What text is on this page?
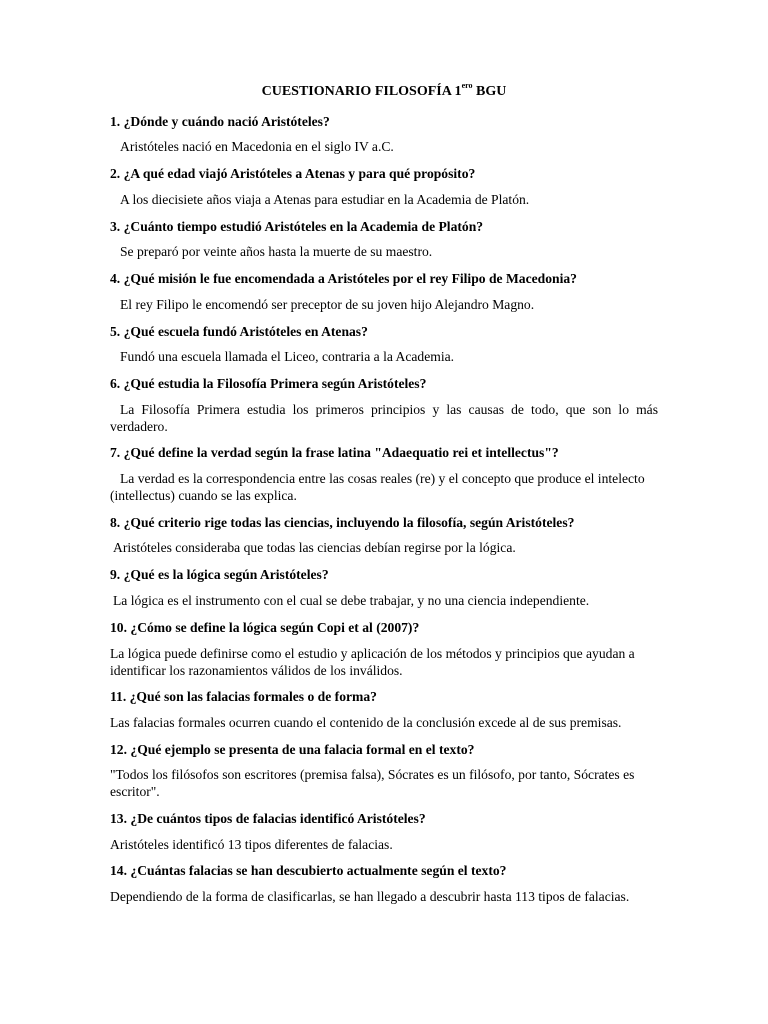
CUESTIONARIO FILOSOFÍA $1^{ero}$ BGU
1. ¿Dónde y cuándo nació Aristóteles?
Aristóteles nació en Macedonia en el siglo IV a.C.
2. ¿A qué edad viajó Aristóteles a Atenas y para qué propósito?
A los diecisiete años viaja a Atenas para estudiar en la Academia de Platón.
3. ¿Cuánto tiempo estudió Aristóteles en la Academia de Platón?
Se preparó por veinte años hasta la muerte de su maestro.
4. ¿Qué misión le fue encomendada a Aristóteles por el rey Filipo de Macedonia?
El rey Filipo le encomendó ser preceptor de su joven hijo Alejandro Magno.
5. ¿Qué escuela fundó Aristóteles en Atenas?
Fundó una escuela llamada el Liceo, contraria a la Academia.
6. ¿Qué estudia la Filosofía Primera según Aristóteles?
La Filosofía Primera estudia los primeros principios y las causas de todo, que son lo más verdadero.
7. ¿Qué define la verdad según la frase latina "Adaequatio rei et intellectus"?
La verdad es la correspondencia entre las cosas reales (re) y el concepto que produce el intelecto (intellectus) cuando se las explica.
8. ¿Qué criterio rige todas las ciencias, incluyendo la filosofía, según Aristóteles?
Aristóteles consideraba que todas las ciencias debían regirse por la lógica.
9. ¿Qué es la lógica según Aristóteles?
La lógica es el instrumento con el cual se debe trabajar, y no una ciencia independiente.
10. ¿Cómo se define la lógica según Copi et al (2007)?
La lógica puede definirse como el estudio y aplicación de los métodos y principios que ayudan a identificar los razonamientos válidos de los inválidos.
11. ¿Qué son las falacias formales o de forma?
Las falacias formales ocurren cuando el contenido de la conclusión excede al de sus premisas.
12. ¿Qué ejemplo se presenta de una falacia formal en el texto?
"Todos los filósofos son escritores (premisa falsa), Sócrates es un filósofo, por tanto, Sócrates es escritor".
13. ¿De cuántos tipos de falacias identificó Aristóteles?
Aristóteles identificó 13 tipos diferentes de falacias.
14. ¿Cuántas falacias se han descubierto actualmente según el texto?
Dependiendo de la forma de clasificarlas, se han llegado a descubrir hasta 113 tipos de falacias.
